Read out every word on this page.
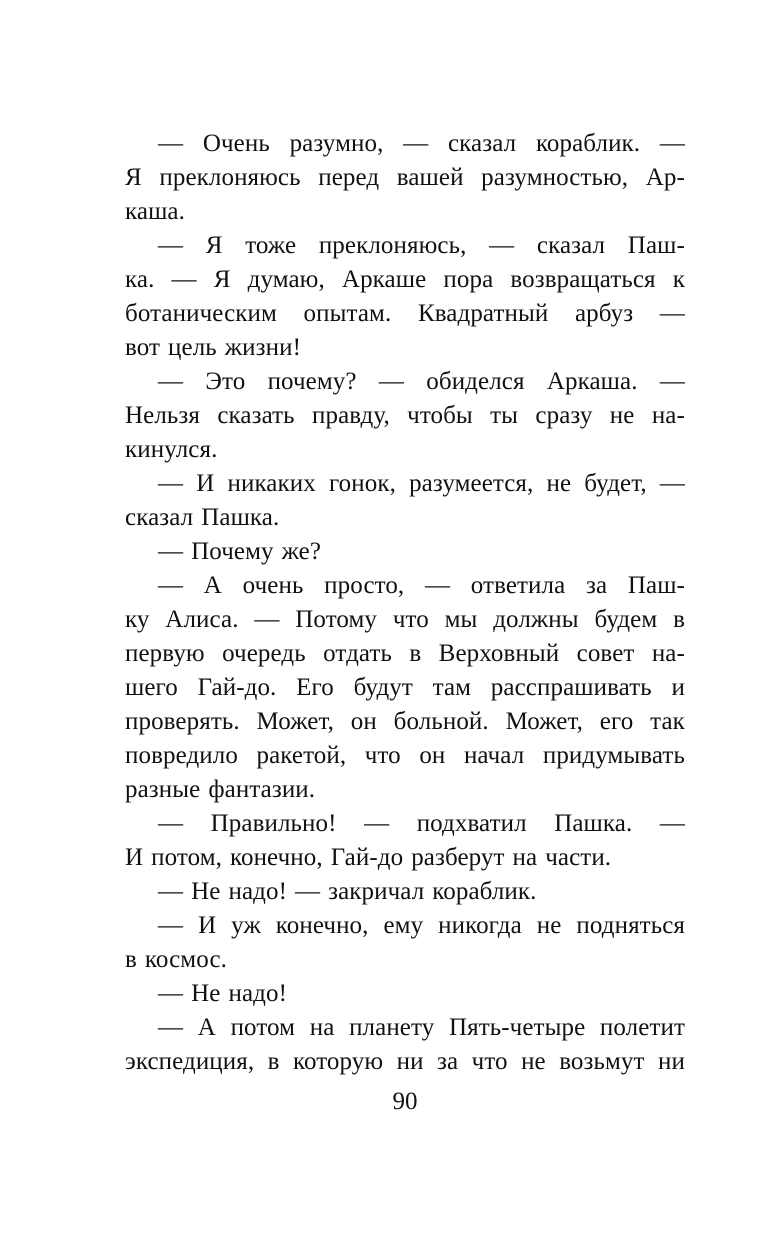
— Очень разумно, — сказал кораблик. —
Я преклоняюсь перед вашей разумностью, Ар-
каша.
— Я тоже преклоняюсь, — сказал Паш-
ка. — Я думаю, Аркаше пора возвращаться к
ботаническим опытам. Квадратный арбуз —
вот цель жизни!
— Это почему? — обиделся Аркаша. —
Нельзя сказать правду, чтобы ты сразу не на-
кинулся.
— И никаких гонок, разумеется, не будет, —
сказал Пашка.
— Почему же?
— А очень просто, — ответила за Паш-
ку Алиса. — Потому что мы должны будем в
первую очередь отдать в Верховный совет на-
шего Гай-до. Его будут там расспрашивать и
проверять. Может, он больной. Может, его так
повредило ракетой, что он начал придумывать
разные фантазии.
— Правильно! — подхватил Пашка. —
И потом, конечно, Гай-до разберут на части.
— Не надо! — закричал кораблик.
— И уж конечно, ему никогда не подняться
в космос.
— Не надо!
— А потом на планету Пять-четыре полетит
экспедиция, в которую ни за что не возьмут ни
90
